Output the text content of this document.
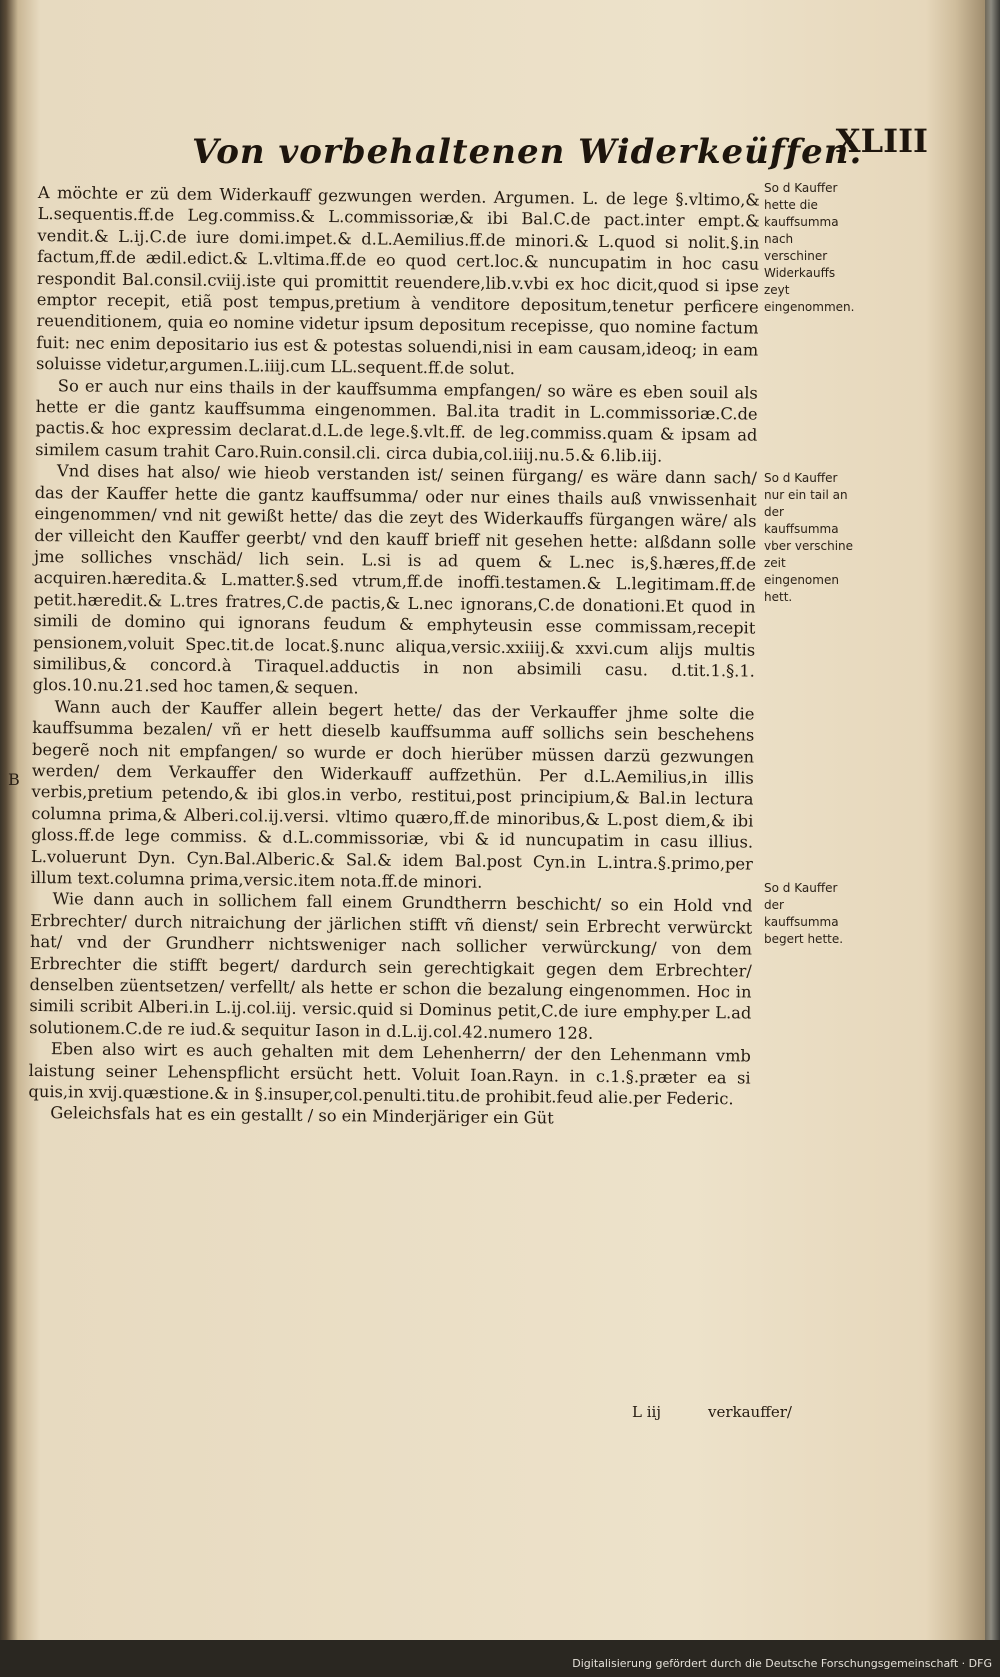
Von vorbehaltenen Widerkeüffen.
XLIII

A möchte er zü dem Widerkauff gezwungen werden. Argumen. L. de lege §.vltimo,& L.sequentis.ff.de Leg.commiss.& L.commissoriæ,& ibi Bal.C.de pact.inter empt.& vendit.& L.ij.C.de iure domi.impet.& d.L.Aemilius.ff.de minori.& L.quod si nolit.§.in factum,ff.de ædil.edict.& L.vltima.ff.de eo quod cert.loc.& nuncupatim in hoc casu respondit Bal.consil.cviij.iste qui promittit reuendere,lib.v.vbi ex hoc dicit,quod si ipse emptor recepit, etiã post tempus,pretium à venditore depositum,tenetur perficere reuenditionem, quia eo nomine videtur ipsum depositum recepisse, quo nomine factum fuit: nec enim depositario ius est & potestas soluendi,nisi in eam causam,ideoq; in eam soluisse videtur,argumen.L.iiij.cum LL.sequent.ff.de solut.

So er auch nur eins thails in der kauffsumma empfangen/ so wäre es eben souil als hette er die gantz kauffsumma eingenommen. Bal.ita tradit in L.commissoriæ.C.de pactis.& hoc expressim declarat.d.L.de lege.§.vlt.ff. de leg.commiss.quam & ipsam ad similem casum trahit Caro.Ruin.consil.cli. circa dubia,col.iiij.nu.5.& 6.lib.iij.

Vnd dises hat also/ wie hieob verstanden ist/ seinen fürgang/ es wäre dann sach/ das der Kauffer hette die gantz kauffsumma/ oder nur eines thails auß vnwissenhait eingenommen/ vnd nit gewißt hette/ das die zeyt des Widerkauffs fürgangen wäre/ als der villeicht den Kauffer geerbt/ vnd den kauff brieff nit gesehen hette: alßdann solle jme solliches vnschäd/ lich sein. L.si is ad quem & L.nec is,§.hæres,ff.de acquiren.hæredita.& L.matter.§.sed vtrum,ff.de inoffi.testamen.& L.legitimam.ff.de petit.hæredit.& L.tres fratres,C.de pactis,& L.nec ignorans,C.de donationi.Et quod in simili de domino qui ignorans feudum & emphyteusin esse commissam,recepit pensionem,voluit Spec.tit.de locat.§.nunc aliqua,versic.xxiiij.& xxvi.cum alijs multis similibus,& concord.à Tiraquel.adductis in non absimili casu. d.tit.1.§.1. glos.10.nu.21.sed hoc tamen,& sequen.

Wann auch der Kauffer allein begert hette/ das der Verkauffer jhme solte die kauffsumma bezalen/ vñ er hett dieselb kauffsumma auff sollichs sein beschehens begerẽ noch nit empfangen/ so wurde er doch hierüber müssen darzü gezwungen werden/ dem Verkauffer den Widerkauff auffzethün. Per d.L.Aemilius,in illis verbis,pretium petendo,& ibi glos.in verbo, restitui,post principium,& Bal.in lectura columna prima,& Alberi.col.ij.versi. vltimo quæro,ff.de minoribus,& L.post diem,& ibi gloss.ff.de lege commiss. & d.L.commissoriæ, vbi & id nuncupatim in casu illius. L.voluerunt Dyn. Cyn.Bal.Alberic.& Sal.& idem Bal.post Cyn.in L.intra.§.primo,per illum text.columna prima,versic.item nota.ff.de minori.

Wie dann auch in sollichem fall einem Grundtherrn beschicht/ so ein Hold vnd Erbrechter/ durch nitraichung der järlichen stifft vñ dienst/ sein Erbrecht verwürckt hat/ vnd der Grundherr nichtsweniger nach sollicher verwürckung/ von dem Erbrechter die stifft begert/ dardurch sein gerechtigkait gegen dem Erbrechter/ denselben züentsetzen/ verfellt/ als hette er schon die bezalung eingenommen. Hoc in simili scribit Alberi.in L.ij.col.iij. versic.quid si Dominus petit,C.de iure emphy.per L.ad solutionem.C.de re iud.& sequitur Iason in d.L.ij.col.42.numero 128.

Eben also wirt es auch gehalten mit dem Lehenherrn/ der den Lehenmann vmb laistung seiner Lehenspflicht ersücht hett. Voluit Ioan.Rayn. in c.1.§.præter ea si quis,in xvij.quæstione.& in §.insuper,col.penulti.titu.de prohibit.feud alie.per Federic.

Geleichsfals hat es ein gestallt / so ein Minderjäriger ein Güt

B
So d Kauffer hette die kauffsumma nach verschiner Widerkauffs zeyt eingenommen.
So d Kauffer nur ein tail an der kauffsumma vber verschine zeit eingenomen hett.
So d Kauffer der kauffsumma begert hette.
L iij	verkauffer/
Digitalisierung gefördert durch die Deutsche Forschungsgemeinschaft · DFG
